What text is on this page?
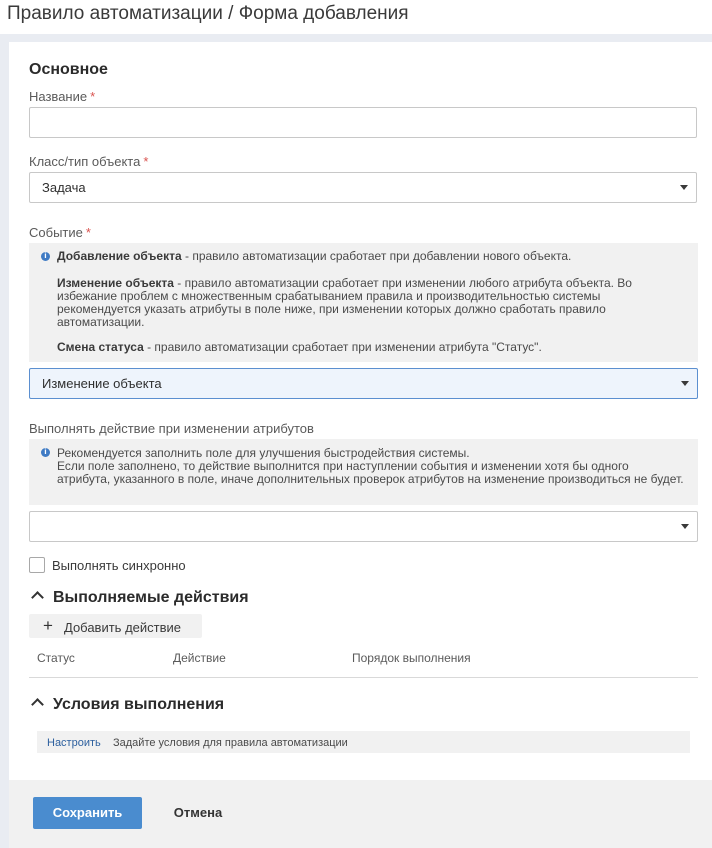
Правило автоматизации / Форма добавления
Основное
Название *
Класс/тип объекта *
Задача
Событие *
i Добавление объекта - правило автоматизации сработает при добавлении нового объекта.
Изменение объекта - правило автоматизации сработает при изменении любого атрибута объекта. Во избежание проблем с множественным срабатыванием правила и производительностью системы рекомендуется указать атрибуты в поле ниже, при изменении которых должно сработать правило автоматизации.
Смена статуса - правило автоматизации сработает при изменении атрибута "Статус".
Изменение объекта
Выполнять действие при изменении атрибутов
i Рекомендуется заполнить поле для улучшения быстродействия системы.
Если поле заполнено, то действие выполнится при наступлении события и изменении хотя бы одного атрибута, указанного в поле, иначе дополнительных проверок атрибутов на изменение производиться не будет.
Выполнять синхронно
Выполняемые действия
+ Добавить действие
Статус	Действие	Порядок выполнения
Условия выполнения
Настроить Задайте условия для правила автоматизации
Сохранить	Отмена
